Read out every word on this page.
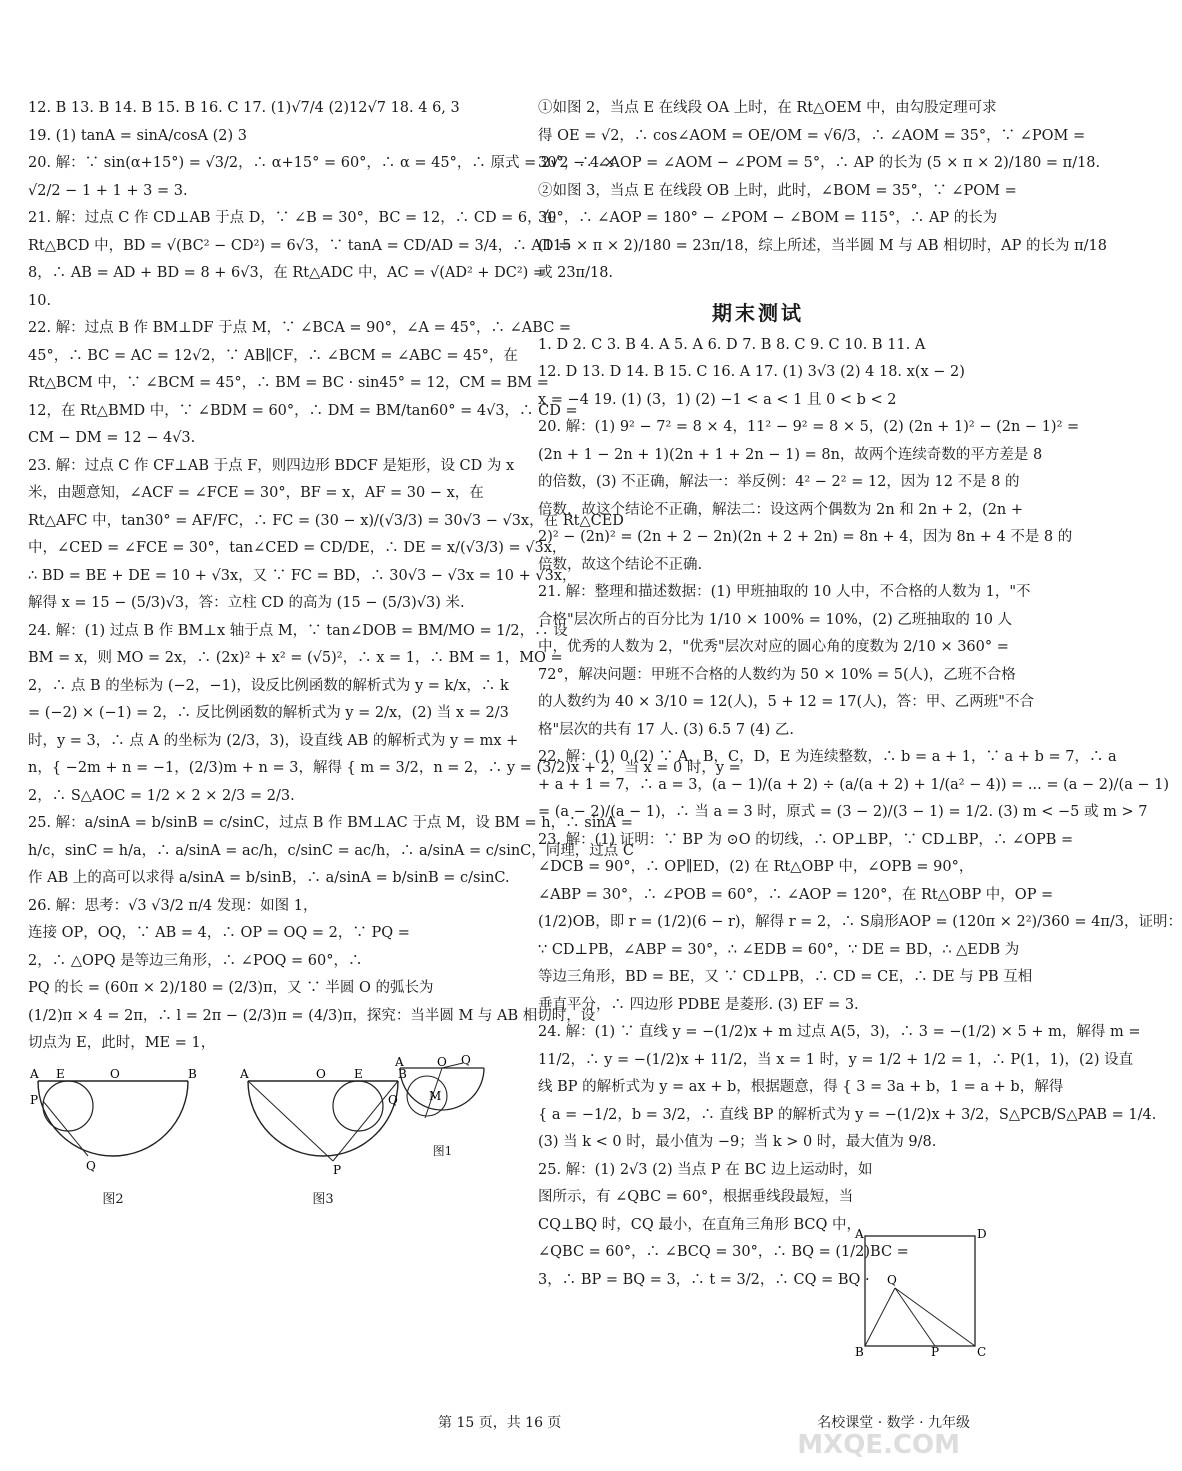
12. B 13. B 14. B 15. B 16. C 17. (1)√7/4 (2)12√7 18. 4 6, 3
19. (1) tanA = sinA/cosA (2) 3
20. 解：∵ sin(α+15°) = √3/2，∴ α+15° = 60°，∴ α = 45°，∴ 原式 = 2√2 − 4 ×
√2/2 − 1 + 1 + 3 = 3.
21. 解：过点 C 作 CD⊥AB 于点 D，∵ ∠B = 30°，BC = 12，∴ CD = 6，在
Rt△BCD 中，BD = √(BC² − CD²) = 6√3，∵ tanA = CD/AD = 3/4，∴ AD =
8，∴ AB = AD + BD = 8 + 6√3，在 Rt△ADC 中，AC = √(AD² + DC²) =
10.
22. 解：过点 B 作 BM⊥DF 于点 M，∵ ∠BCA = 90°，∠A = 45°，∴ ∠ABC =
45°，∴ BC = AC = 12√2，∵ AB∥CF，∴ ∠BCM = ∠ABC = 45°，在
Rt△BCM 中，∵ ∠BCM = 45°，∴ BM = BC · sin45° = 12，CM = BM =
12，在 Rt△BMD 中，∵ ∠BDM = 60°，∴ DM = BM/tan60° = 4√3，∴ CD =
CM − DM = 12 − 4√3.
23. 解：过点 C 作 CF⊥AB 于点 F，则四边形 BDCF 是矩形，设 CD 为 x
米，由题意知，∠ACF = ∠FCE = 30°，BF = x，AF = 30 − x，在
Rt△AFC 中，tan30° = AF/FC，∴ FC = (30 − x)/(√3/3) = 30√3 − √3x，在 Rt△CED
中，∠CED = ∠FCE = 30°，tan∠CED = CD/DE，∴ DE = x/(√3/3) = √3x，
∴ BD = BE + DE = 10 + √3x，又 ∵ FC = BD，∴ 30√3 − √3x = 10 + √3x，
解得 x = 15 − (5/3)√3，答：立柱 CD 的高为 (15 − (5/3)√3) 米.
24. 解：(1) 过点 B 作 BM⊥x 轴于点 M，∵ tan∠DOB = BM/MO = 1/2，∴ 设
BM = x，则 MO = 2x，∴ (2x)² + x² = (√5)²，∴ x = 1，∴ BM = 1，MO =
2，∴ 点 B 的坐标为 (−2，−1)，设反比例函数的解析式为 y = k/x，∴ k
= (−2) × (−1) = 2，∴ 反比例函数的解析式为 y = 2/x，(2) 当 x = 2/3
时，y = 3，∴ 点 A 的坐标为 (2/3，3)，设直线 AB 的解析式为 y = mx +
n，{ −2m + n = −1，(2/3)m + n = 3，解得 { m = 3/2，n = 2，∴ y = (3/2)x + 2，当 x = 0 时，y =
2，∴ S△AOC = 1/2 × 2 × 2/3 = 2/3.
25. 解：a/sinA = b/sinB = c/sinC，过点 B 作 BM⊥AC 于点 M，设 BM = h，∴ sinA =
h/c，sinC = h/a，∴ a/sinA = ac/h，c/sinC = ac/h，∴ a/sinA = c/sinC，同理，过点 C
作 AB 上的高可以求得 a/sinA = b/sinB，∴ a/sinA = b/sinB = c/sinC.
26. 解：思考：√3 √3/2 π/4 发现：如图 1，
连接 OP，OQ，∵ AB = 4，∴ OP = OQ = 2，∵ PQ =
2，∴ △OPQ 是等边三角形，∴ ∠POQ = 60°，∴
PQ 的长 = (60π × 2)/180 = (2/3)π，又 ∵ 半圆 O 的弧长为
(1/2)π × 4 = 2π，∴ l = 2π − (2/3)π = (4/3)π，探究：当半圆 M 与 AB 相切时，设
切点为 E，此时，ME = 1，
A E	O	B
P
Q
图2
A	O E	B
Q
P
图3
A	O Q
M
图1
①如图 2，当点 E 在线段 OA 上时，在 Rt△OEM 中，由勾股定理可求
得 OE = √2，∴ cos∠AOM = OE/OM = √6/3，∴ ∠AOM = 35°，∵ ∠POM =
30°，∴ ∠AOP = ∠AOM − ∠POM = 5°，∴ AP 的长为 (5 × π × 2)/180 = π/18.
②如图 3，当点 E 在线段 OB 上时，此时，∠BOM = 35°，∵ ∠POM =
30°，∴ ∠AOP = 180° − ∠POM − ∠BOM = 115°，∴ AP 的长为
(115 × π × 2)/180 = 23π/18，综上所述，当半圆 M 与 AB 相切时，AP 的长为 π/18
或 23π/18.
期末测试
1. D 2. C 3. B 4. A 5. A 6. D 7. B 8. C 9. C 10. B 11. A
12. D 13. D 14. B 15. C 16. A 17. (1) 3√3 (2) 4 18. x(x − 2)
x = −4 19. (1) (3，1) (2) −1 < a < 1 且 0 < b < 2
20. 解：(1) 9² − 7² = 8 × 4，11² − 9² = 8 × 5，(2) (2n + 1)² − (2n − 1)² =
(2n + 1 − 2n + 1)(2n + 1 + 2n − 1) = 8n，故两个连续奇数的平方差是 8
的倍数，(3) 不正确，解法一：举反例：4² − 2² = 12，因为 12 不是 8 的
倍数，故这个结论不正确，解法二：设这两个偶数为 2n 和 2n + 2，(2n +
2)² − (2n)² = (2n + 2 − 2n)(2n + 2 + 2n) = 8n + 4，因为 8n + 4 不是 8 的
倍数，故这个结论不正确.
21. 解：整理和描述数据：(1) 甲班抽取的 10 人中，不合格的人数为 1，"不
合格"层次所占的百分比为 1/10 × 100% = 10%，(2) 乙班抽取的 10 人
中，优秀的人数为 2，"优秀"层次对应的圆心角的度数为 2/10 × 360° =
72°，解决问题：甲班不合格的人数约为 50 × 10% = 5(人)，乙班不合格
的人数约为 40 × 3/10 = 12(人)，5 + 12 = 17(人)，答：甲、乙两班"不合
格"层次的共有 17 人. (3) 6.5 7 (4) 乙.
22. 解：(1) 0 (2) ∵ A，B，C，D，E 为连续整数，∴ b = a + 1，∵ a + b = 7，∴ a
+ a + 1 = 7，∴ a = 3，(a − 1)/(a + 2) ÷ (a/(a + 2) + 1/(a² − 4)) = ... = (a − 2)/(a − 1)
= (a − 2)/(a − 1)，∴ 当 a = 3 时，原式 = (3 − 2)/(3 − 1) = 1/2. (3) m < −5 或 m > 7
23. 解：(1) 证明：∵ BP 为 ⊙O 的切线，∴ OP⊥BP，∵ CD⊥BP，∴ ∠OPB =
∠DCB = 90°，∴ OP∥ED，(2) 在 Rt△OBP 中，∠OPB = 90°，
∠ABP = 30°，∴ ∠POB = 60°，∴ ∠AOP = 120°，在 Rt△OBP 中，OP =
(1/2)OB，即 r = (1/2)(6 − r)，解得 r = 2，∴ S扇形AOP = (120π × 2²)/360 = 4π/3，证明：
∵ CD⊥PB，∠ABP = 30°，∴ ∠EDB = 60°，∵ DE = BD，∴ △EDB 为
等边三角形，BD = BE，又 ∵ CD⊥PB，∴ CD = CE，∴ DE 与 PB 互相
垂直平分，∴ 四边形 PDBE 是菱形. (3) EF = 3.
24. 解：(1) ∵ 直线 y = −(1/2)x + m 过点 A(5，3)，∴ 3 = −(1/2) × 5 + m，解得 m =
11/2，∴ y = −(1/2)x + 11/2，当 x = 1 时，y = 1/2 + 1/2 = 1，∴ P(1，1)，(2) 设直
线 BP 的解析式为 y = ax + b，根据题意，得 { 3 = 3a + b，1 = a + b，解得
{ a = −1/2，b = 3/2，∴ 直线 BP 的解析式为 y = −(1/2)x + 3/2，S△PCB/S△PAB = 1/4.
(3) 当 k < 0 时，最小值为 −9；当 k > 0 时，最大值为 9/8.
25. 解：(1) 2√3 (2) 当点 P 在 BC 边上运动时，如
图所示，有 ∠QBC = 60°，根据垂线段最短，当
CQ⊥BQ 时，CQ 最小，在直角三角形 BCQ 中，
∠QBC = 60°，∴ ∠BCQ = 30°，∴ BQ = (1/2)BC =
3，∴ BP = BQ = 3，∴ t = 3/2，∴ CQ = BQ ·
A	D
B	C
Q
P
第 15 页，共 16 页	名校课堂 · 数学 · 九年级
MXQE.COM
